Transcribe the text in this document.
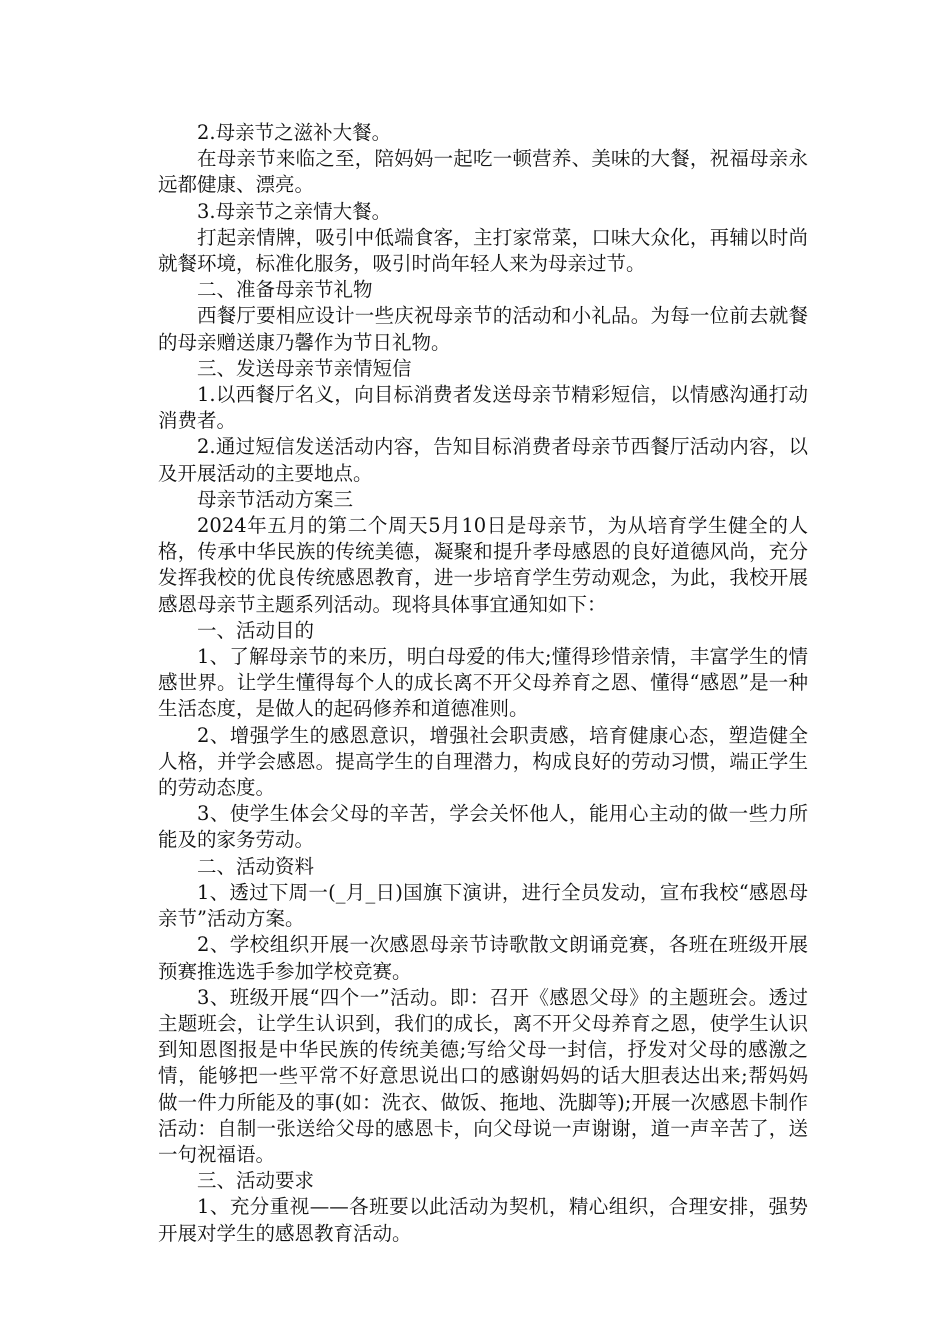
2.母亲节之滋补大餐。

在母亲节来临之至，陪妈妈一起吃一顿营养、美味的大餐，祝福母亲永远都健康、漂亮。

3.母亲节之亲情大餐。

打起亲情牌，吸引中低端食客，主打家常菜，口味大众化，再辅以时尚就餐环境，标准化服务，吸引时尚年轻人来为母亲过节。

二、准备母亲节礼物

西餐厅要相应设计一些庆祝母亲节的活动和小礼品。为每一位前去就餐的母亲赠送康乃馨作为节日礼物。

三、发送母亲节亲情短信

1.以西餐厅名义，向目标消费者发送母亲节精彩短信，以情感沟通打动消费者。

2.通过短信发送活动内容，告知目标消费者母亲节西餐厅活动内容，以及开展活动的主要地点。

母亲节活动方案三

2024年五月的第二个周天5月10日是母亲节，为从培育学生健全的人格，传承中华民族的传统美德，凝聚和提升孝母感恩的良好道德风尚，充分发挥我校的优良传统感恩教育，进一步培育学生劳动观念，为此，我校开展感恩母亲节主题系列活动。现将具体事宜通知如下：

一、活动目的

1、了解母亲节的来历，明白母爱的伟大;懂得珍惜亲情，丰富学生的情感世界。让学生懂得每个人的成长离不开父母养育之恩、懂得“感恩”是一种生活态度，是做人的起码修养和道德准则。

2、增强学生的感恩意识，增强社会职责感，培育健康心态，塑造健全人格，并学会感恩。提高学生的自理潜力，构成良好的劳动习惯，端正学生的劳动态度。

3、使学生体会父母的辛苦，学会关怀他人，能用心主动的做一些力所能及的家务劳动。

二、活动资料

1、透过下周一(_月_日)国旗下演讲，进行全员发动，宣布我校“感恩母亲节”活动方案。

2、学校组织开展一次感恩母亲节诗歌散文朗诵竞赛，各班在班级开展预赛推选选手参加学校竞赛。

3、班级开展“四个一”活动。即：召开《感恩父母》的主题班会。透过主题班会，让学生认识到，我们的成长，离不开父母养育之恩，使学生认识到知恩图报是中华民族的传统美德;写给父母一封信，抒发对父母的感激之情，能够把一些平常不好意思说出口的感谢妈妈的话大胆表达出来;帮妈妈做一件力所能及的事(如：洗衣、做饭、拖地、洗脚等);开展一次感恩卡制作活动：自制一张送给父母的感恩卡，向父母说一声谢谢，道一声辛苦了，送一句祝福语。

三、活动要求

1、充分重视——各班要以此活动为契机，精心组织，合理安排，强势开展对学生的感恩教育活动。
